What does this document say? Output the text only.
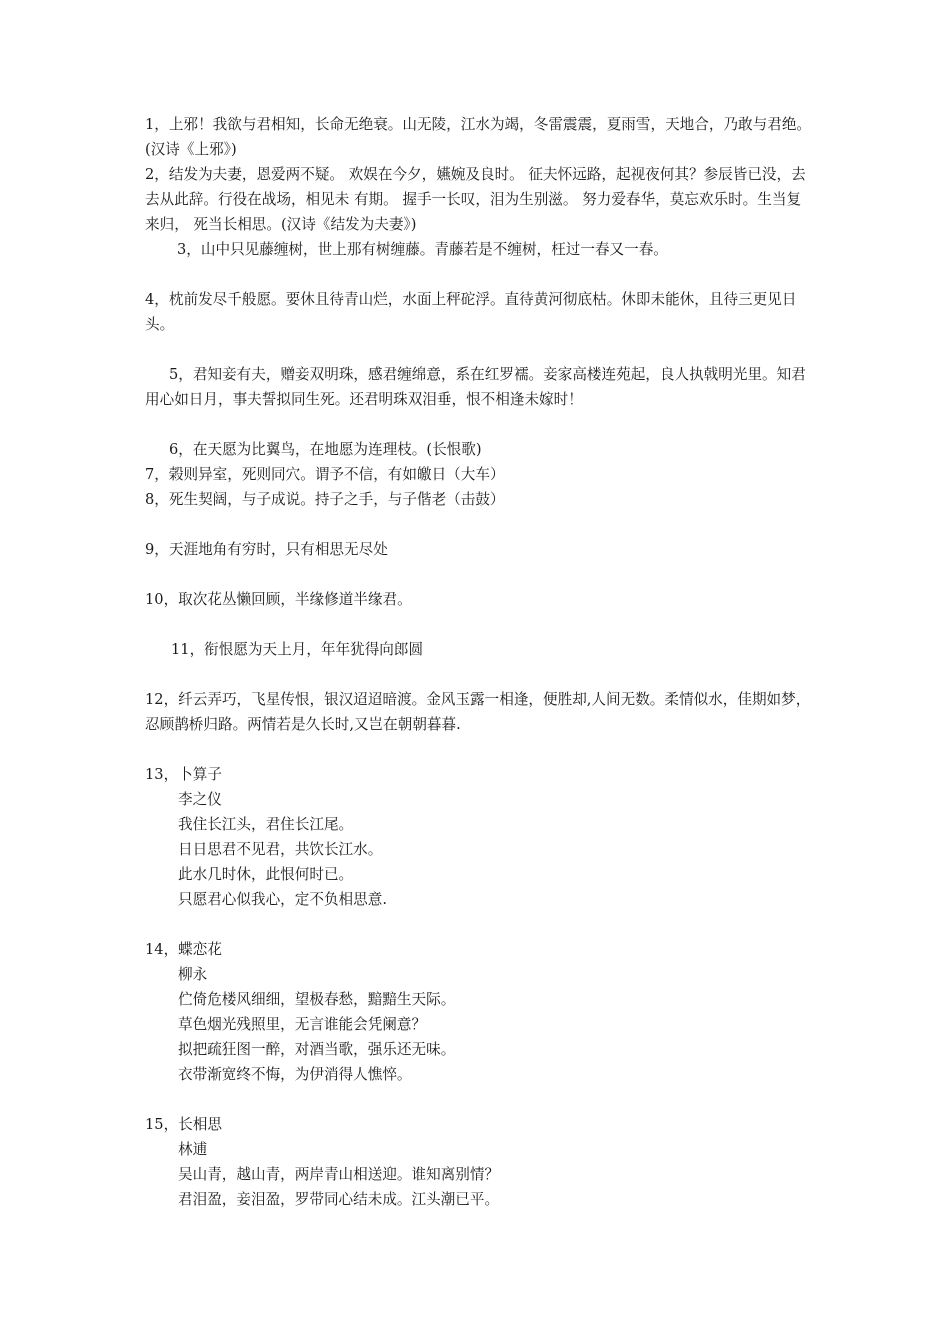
1，上邪！我欲与君相知，长命无绝衰。山无陵，江水为竭，冬雷震震，夏雨雪，天地合，乃敢与君绝。(汉诗《上邪》)

2，结发为夫妻，恩爱两不疑。 欢娱在今夕，嬿婉及良时。 征夫怀远路，起视夜何其？参辰皆已没，去去从此辞。行役在战场，相见未 有期。 握手一长叹，泪为生别滋。 努力爱春华，莫忘欢乐时。生当复来归， 死当长相思。(汉诗《结发为夫妻》)

3，山中只见藤缠树，世上那有树缠藤。青藤若是不缠树，枉过一春又一春。

4，枕前发尽千般愿。要休且待青山烂，水面上秤砣浮。直待黄河彻底枯。休即未能休，且待三更见日头。

5，君知妾有夫，赠妾双明珠，感君缠绵意，系在红罗襦。妾家高楼连苑起，良人执戟明光里。知君用心如日月，事夫誓拟同生死。还君明珠双泪垂，恨不相逢未嫁时！

6，在天愿为比翼鸟，在地愿为连理枝。(长恨歌)

7，榖则异室，死则同穴。谓予不信，有如皦日（大车）

8，死生契阔，与子成说。持子之手，与子偕老（击鼓）

9，天涯地角有穷时，只有相思无尽处

10，取次花丛懒回顾，半缘修道半缘君。

11，衔恨愿为天上月，年年犹得向郎圆

12，纤云弄巧，飞星传恨，银汉迢迢暗渡。金风玉露一相逢，便胜却,人间无数。柔情似水，佳期如梦，忍顾鹊桥归路。两情若是久长时,又岂在朝朝暮暮.

13，卜算子

李之仪

我住长江头，君住长江尾。

日日思君不见君，共饮长江水。

此水几时休，此恨何时已。

只愿君心似我心，定不负相思意.

14，蝶恋花

柳永

伫倚危楼风细细，望极春愁，黯黯生天际。

草色烟光残照里，无言谁能会凭阑意？

拟把疏狂图一醉，对酒当歌，强乐还无味。

衣带渐宽终不悔，为伊消得人憔悴。

15，长相思

林逋

吴山青，越山青，两岸青山相送迎。谁知离别情？

君泪盈，妾泪盈，罗带同心结未成。江头潮已平。
